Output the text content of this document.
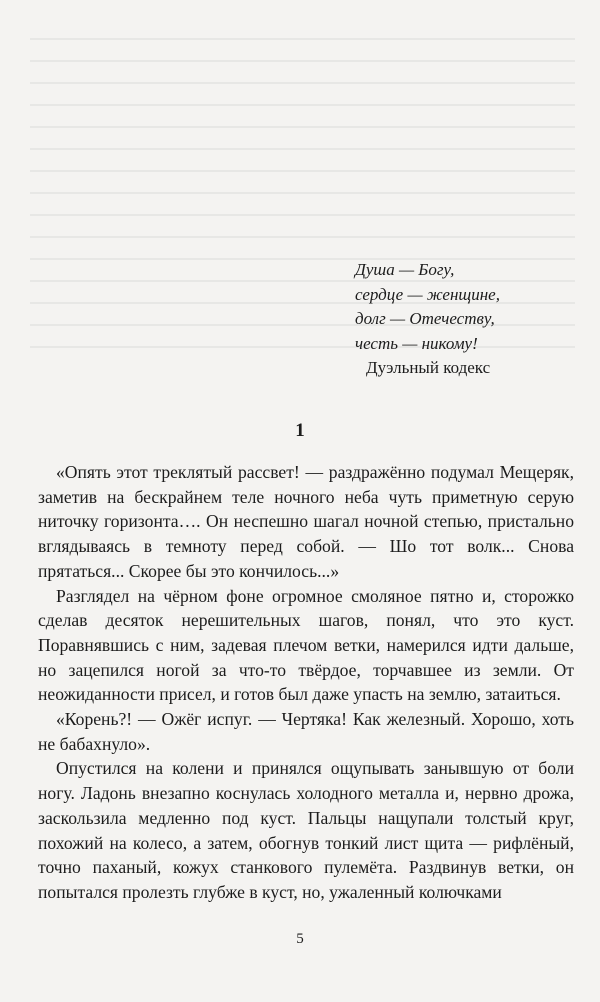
Душа — Богу,
сердце — женщине,
долг — Отечеству,
честь — никому!
Дуэльный кодекс
1

«Опять этот треклятый рассвет! — раздражённо подумал Мещеряк, заметив на бескрайнем теле ночного неба чуть приметную серую ниточку горизонта…. Он неспешно шагал ночной степью, пристально вглядываясь в темноту перед собой. — Шо тот волк... Снова прятаться... Скорее бы это кончилось...»

Разглядел на чёрном фоне огромное смоляное пятно и, сторожко сделав десяток нерешительных шагов, понял, что это куст. Поравнявшись с ним, задевая плечом ветки, намерился идти дальше, но зацепился ногой за что-то твёрдое, торчавшее из земли. От неожиданности присел, и готов был даже упасть на землю, затаиться.

«Корень?! — Ожёг испуг. — Чертяка! Как железный. Хорошо, хоть не бабахнуло».

Опустился на колени и принялся ощупывать занывшую от боли ногу. Ладонь внезапно коснулась холодного металла и, нервно дрожа, заскользила медленно под куст. Пальцы нащупали толстый круг, похожий на колесо, а затем, обогнув тонкий лист щита — рифлёный, точно паханый, кожух станкового пулемёта. Раздвинув ветки, он попытался пролезть глубже в куст, но, ужаленный колючками

5
